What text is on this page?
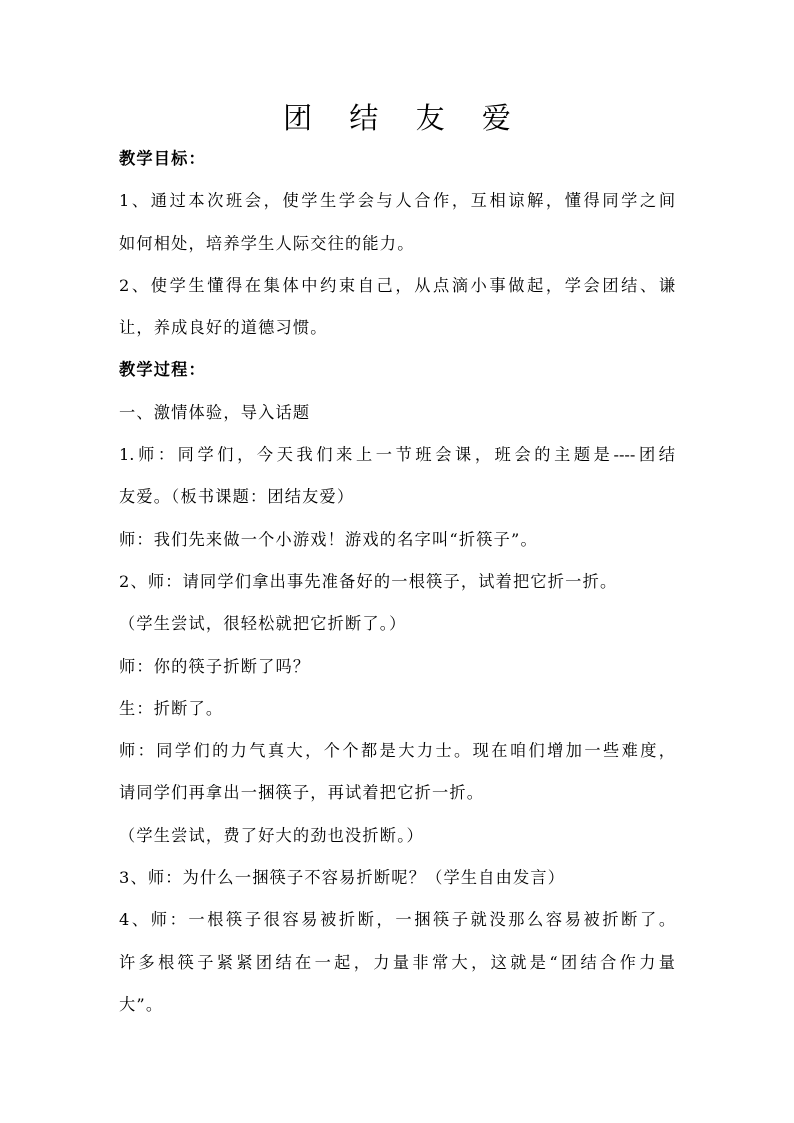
团 结 友 爱
教学目标：
1、通过本次班会，使学生学会与人合作，互相谅解，懂得同学之间
如何相处，培养学生人际交往的能力。
2、使学生懂得在集体中约束自己，从点滴小事做起，学会团结、谦
让，养成良好的道德习惯。
教学过程：
一、激情体验，导入话题
1.师：同学们，今天我们来上一节班会课，班会的主题是----团结
友爱。（板书课题：团结友爱）
师：我们先来做一个小游戏！游戏的名字叫“折筷子”。
2、师：请同学们拿出事先准备好的一根筷子，试着把它折一折。
（学生尝试，很轻松就把它折断了。）
师：你的筷子折断了吗？
生：折断了。
师：同学们的力气真大，个个都是大力士。现在咱们增加一些难度，
请同学们再拿出一捆筷子，再试着把它折一折。
（学生尝试，费了好大的劲也没折断。）
3、师：为什么一捆筷子不容易折断呢？（学生自由发言）
4、师：一根筷子很容易被折断，一捆筷子就没那么容易被折断了。
许多根筷子紧紧团结在一起，力量非常大，这就是“团结合作力量
大”。
